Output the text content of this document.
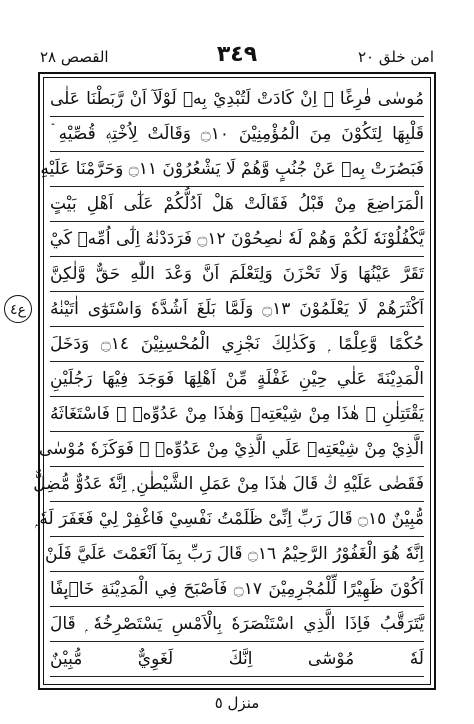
القصص ٢٨	٣٤٩	امن خلق ٢٠
مُوسٰى فٰرِغًا ۭ اِنْ كَادَتْ لَتُبْدِيْ بِهٖ لَوْلَآ اَنْ رَّبَطْنَا عَلٰى
قَلْبِهَا لِتَكُوْنَ مِنَ الْمُؤْمِنِيْنَ ۝١٠ وَقَالَتْ لِاُخْتِهٖ قُصِّيْهِ ۡ
فَبَصُرَتْ بِهٖ عَنْ جُنُبٍ وَّهُمْ لَا يَشْعُرُوْنَ ۝١١ وَحَرَّمْنَا عَلَيْهِ
الْمَرَاضِعَ مِنْ قَبْلُ فَقَالَتْ هَلْ اَدُلُّكُمْ عَلٰٓى اَهْلِ بَيْتٍ
يَّكْفُلُوْنَهٗ لَكُمْ وَهُمْ لَهٗ نٰصِحُوْنَ ۝١٢ فَرَدَدْنٰهُ اِلٰٓى اُمِّهٖ كَيْ
تَقَرَّ عَيْنُهَا وَلَا تَحْزَنَ وَلِتَعْلَمَ اَنَّ وَعْدَ اللّٰهِ حَقٌّ وَّلٰكِنَّ
اَكْثَرَهُمْ لَا يَعْلَمُوْنَ ۝١٣ وَلَمَّا بَلَغَ اَشُدَّهٗ وَاسْتَوٰٓى اٰتَيْنٰهُ
حُكْمًا وَّعِلْمًا ۭ وَكَذٰلِكَ نَجْزِي الْمُحْسِنِيْنَ ۝١٤ وَدَخَلَ
الْمَدِيْنَةَ عَلٰي حِيْنِ غَفْلَةٍ مِّنْ اَهْلِهَا فَوَجَدَ فِيْهَا رَجُلَيْنِ
يَقْتَتِلٰنِ ۤ هٰذَا مِنْ شِيْعَتِهٖ وَهٰذَا مِنْ عَدُوِّهٖ ۚ فَاسْتَغَاثَهُ
الَّذِيْ مِنْ شِيْعَتِهٖ عَلَي الَّذِيْ مِنْ عَدُوِّهٖ ۙ فَوَكَزَهٗ مُوْسٰى
فَقَضٰى عَلَيْهِ ڭ قَالَ هٰذَا مِنْ عَمَلِ الشَّيْطٰنِ ۭ اِنَّهٗ عَدُوٌّ مُّضِلٌّ
مُّبِيْنٌ ۝١٥ قَالَ رَبِّ اِنِّىْ ظَلَمْتُ نَفْسِيْ فَاغْفِرْ لِيْ فَغَفَرَ لَهٗ ۭ
اِنَّهٗ هُوَ الْغَفُوْرُ الرَّحِيْمُ ۝١٦ قَالَ رَبِّ بِمَآ اَنْعَمْتَ عَلَيَّ فَلَنْ
اَكُوْنَ ظَهِيْرًا لِّلْمُجْرِمِيْنَ ۝١٧ فَاَصْبَحَ فِي الْمَدِيْنَةِ خَاۗىِٕفًا
يَّتَرَقَّبُ فَاِذَا الَّذِي اسْتَنْصَرَهٗ بِالْاَمْسِ يَسْتَصْرِخُهٗ ۭ قَالَ
لَهٗ مُوْسٰٓى اِنَّكَ لَغَوِيٌّ مُّبِيْنٌ
ع٤
منزل ٥
